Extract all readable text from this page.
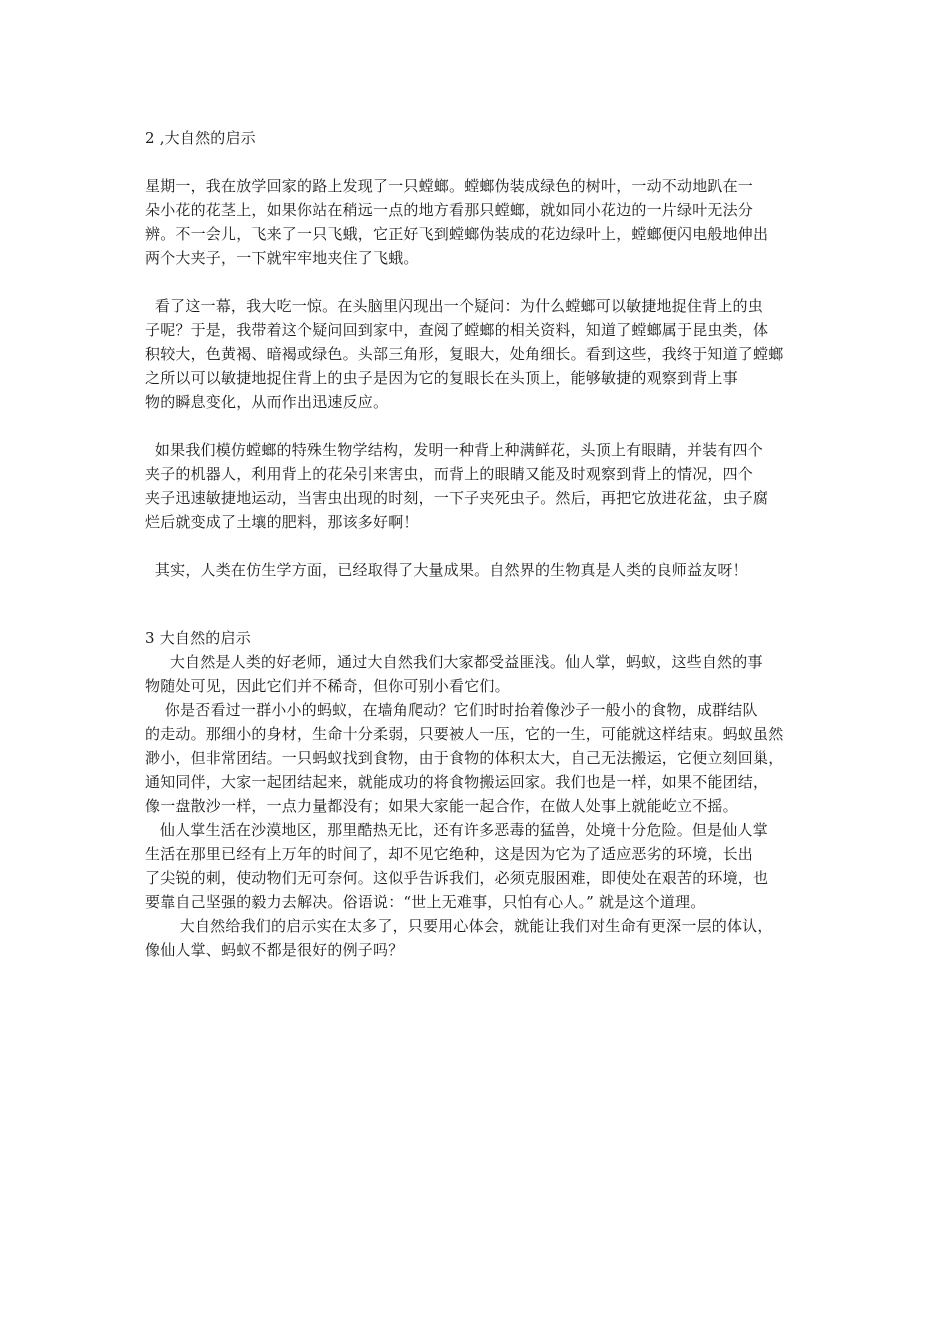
2 ,大自然的启示
星期一，我在放学回家的路上发现了一只螳螂。螳螂伪装成绿色的树叶，一动不动地趴在一
朵小花的花茎上，如果你站在稍远一点的地方看那只螳螂，就如同小花边的一片绿叶无法分
辨。不一会儿，飞来了一只飞蛾，它正好飞到螳螂伪装成的花边绿叶上，螳螂便闪电般地伸出
两个大夹子，一下就牢牢地夹住了飞蛾。
看了这一幕，我大吃一惊。在头脑里闪现出一个疑问：为什么螳螂可以敏捷地捉住背上的虫
子呢？于是，我带着这个疑问回到家中，查阅了螳螂的相关资料，知道了螳螂属于昆虫类，体
积较大，色黄褐、暗褐或绿色。头部三角形，复眼大，处角细长。看到这些，我终于知道了螳螂
之所以可以敏捷地捉住背上的虫子是因为它的复眼长在头顶上，能够敏捷的观察到背上事
物的瞬息变化，从而作出迅速反应。
如果我们模仿螳螂的特殊生物学结构，发明一种背上种满鲜花，头顶上有眼睛，并装有四个
夹子的机器人，利用背上的花朵引来害虫，而背上的眼睛又能及时观察到背上的情况，四个
夹子迅速敏捷地运动，当害虫出现的时刻，一下子夹死虫子。然后，再把它放进花盆，虫子腐
烂后就变成了土壤的肥料，那该多好啊！
其实，人类在仿生学方面，已经取得了大量成果。自然界的生物真是人类的良师益友呀！
3 大自然的启示
大自然是人类的好老师，通过大自然我们大家都受益匪浅。仙人掌，蚂蚁，这些自然的事
物随处可见，因此它们并不稀奇，但你可别小看它们。
你是否看过一群小小的蚂蚁，在墙角爬动？它们时时抬着像沙子一般小的食物，成群结队
的走动。那细小的身材，生命十分柔弱，只要被人一压，它的一生，可能就这样结束。蚂蚁虽然
渺小，但非常团结。一只蚂蚁找到食物，由于食物的体积太大，自己无法搬运，它便立刻回巢，
通知同伴，大家一起团结起来，就能成功的将食物搬运回家。我们也是一样，如果不能团结，
像一盘散沙一样，一点力量都没有；如果大家能一起合作，在做人处事上就能屹立不摇。
仙人掌生活在沙漠地区，那里酷热无比，还有许多恶毒的猛兽，处境十分危险。但是仙人掌
生活在那里已经有上万年的时间了，却不见它绝种，这是因为它为了适应恶劣的环境，长出
了尖锐的刺，使动物们无可奈何。这似乎告诉我们，必须克服困难，即使处在艰苦的环境，也
要靠自己坚强的毅力去解决。俗语说：“世上无难事，只怕有心人。” 就是这个道理。
大自然给我们的启示实在太多了，只要用心体会，就能让我们对生命有更深一层的体认，
像仙人掌、蚂蚁不都是很好的例子吗？
